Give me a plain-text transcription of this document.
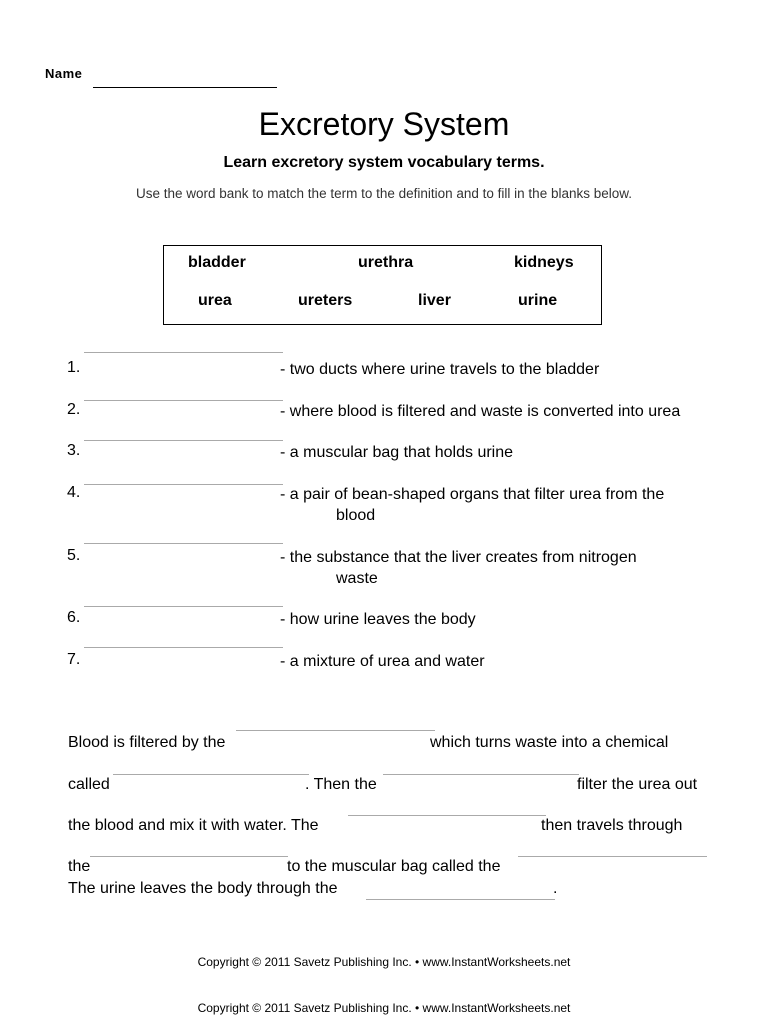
Name
Excretory System
Learn excretory system vocabulary terms.
Use the word bank to match the term to the definition and to fill in the blanks below.
bladder	urethra	kidneys
urea	ureters	liver	urine
1.	- two ducts where urine travels to the bladder
2.	- where blood is filtered and waste is converted into urea
3.	- a muscular bag that holds urine
4.	- a pair of bean-shaped organs that filter urea from the
blood
5.	- the substance that the liver creates from nitrogen
waste
6.	- how urine leaves the body
7.	- a mixture of urea and water
Blood is filtered by the	which turns waste into a chemical
called	. Then the	filter the urea out
the blood and mix it with water. The	then travels through
the	to the muscular bag called the
The urine leaves the body through the	.
Copyright © 2011 Savetz Publishing Inc. • www.InstantWorksheets.net
Copyright © 2011 Savetz Publishing Inc. • www.InstantWorksheets.net
